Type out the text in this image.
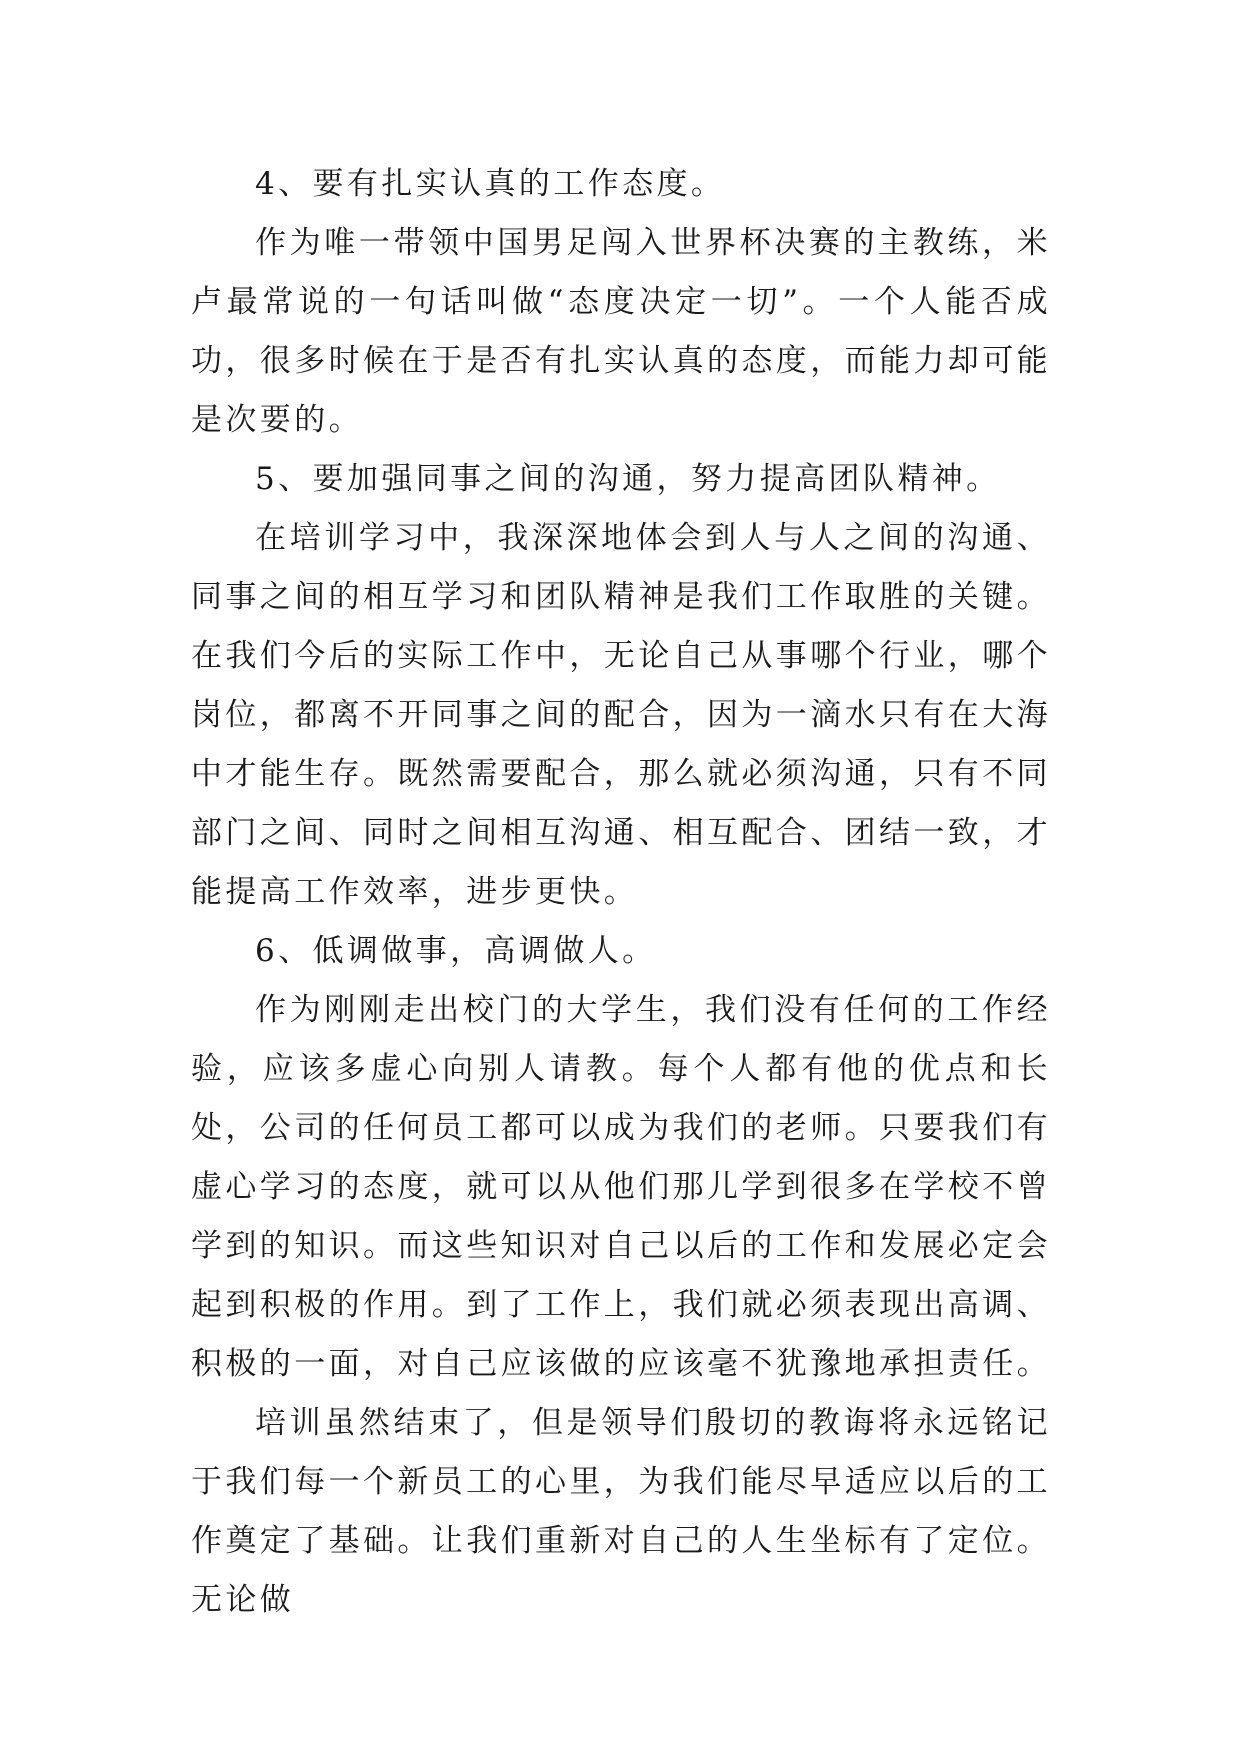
4、要有扎实认真的工作态度。

作为唯一带领中国男足闯入世界杯决赛的主教练，米卢最常说的一句话叫做“态度决定一切”。一个人能否成功，很多时候在于是否有扎实认真的态度，而能力却可能是次要的。

5、要加强同事之间的沟通，努力提高团队精神。

在培训学习中，我深深地体会到人与人之间的沟通、同事之间的相互学习和团队精神是我们工作取胜的关键。在我们今后的实际工作中，无论自己从事哪个行业，哪个岗位，都离不开同事之间的配合，因为一滴水只有在大海中才能生存。既然需要配合，那么就必须沟通，只有不同部门之间、同时之间相互沟通、相互配合、团结一致，才能提高工作效率，进步更快。

6、低调做事，高调做人。

作为刚刚走出校门的大学生，我们没有任何的工作经验，应该多虚心向别人请教。每个人都有他的优点和长处，公司的任何员工都可以成为我们的老师。只要我们有虚心学习的态度，就可以从他们那儿学到很多在学校不曾学到的知识。而这些知识对自己以后的工作和发展必定会起到积极的作用。到了工作上，我们就必须表现出高调、积极的一面，对自己应该做的应该毫不犹豫地承担责任。

培训虽然结束了，但是领导们殷切的教诲将永远铭记于我们每一个新员工的心里，为我们能尽早适应以后的工作奠定了基础。让我们重新对自己的人生坐标有了定位。无论做
